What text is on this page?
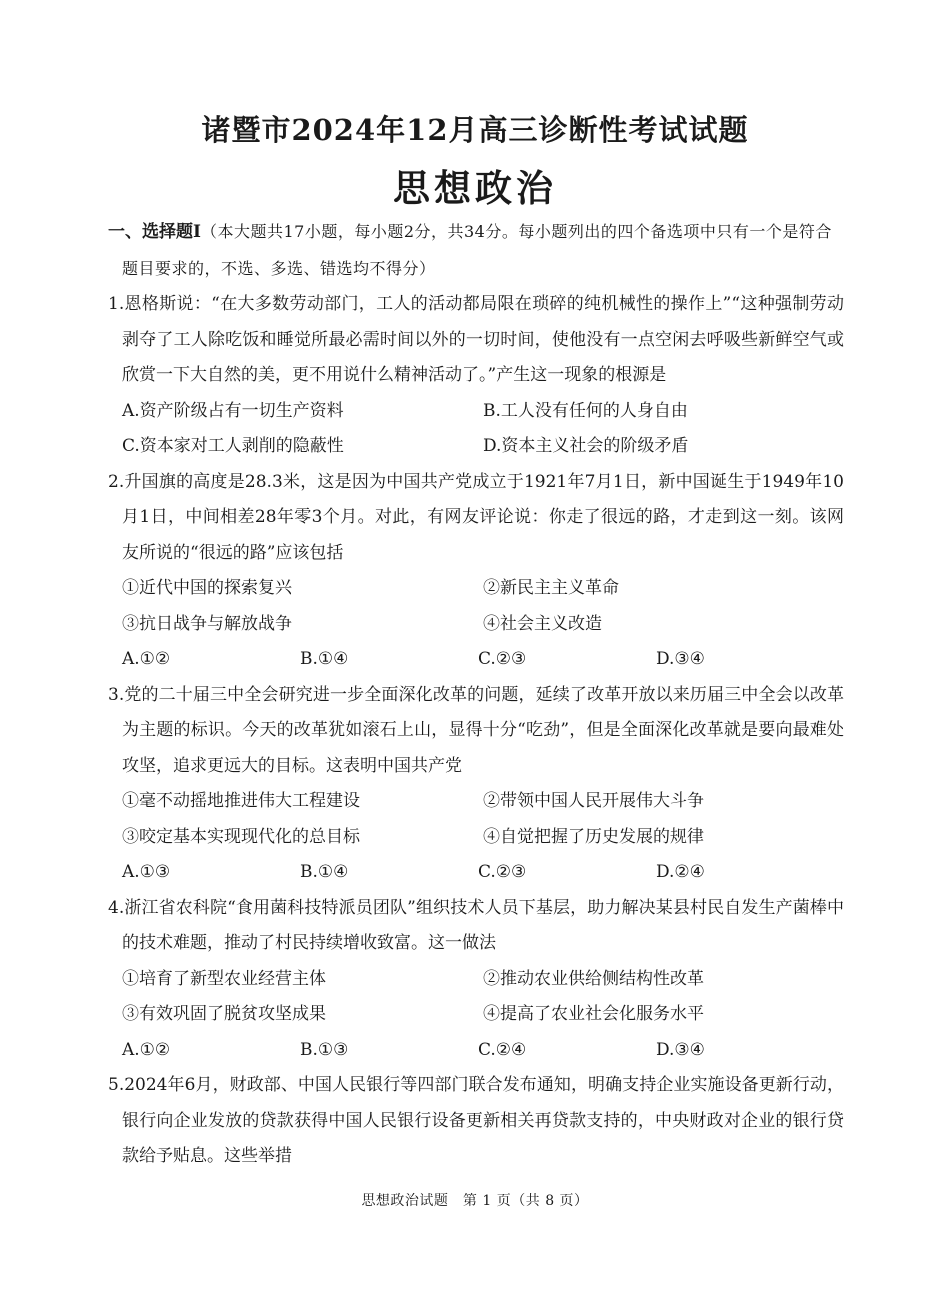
诸暨市2024年12月高三诊断性考试试题
思想政治

一、选择题Ⅰ（本大题共17小题，每小题2分，共34分。每小题列出的四个备选项中只有一个是符合题目要求的，不选、多选、错选均不得分）

1.恩格斯说：“在大多数劳动部门，工人的活动都局限在琐碎的纯机械性的操作上”“这种强制劳动剥夺了工人除吃饭和睡觉所最必需时间以外的一切时间，使他没有一点空闲去呼吸些新鲜空气或欣赏一下大自然的美，更不用说什么精神活动了。”产生这一现象的根源是

A.资产阶级占有一切生产资料	B.工人没有任何的人身自由
C.资本家对工人剥削的隐蔽性	D.资本主义社会的阶级矛盾

2.升国旗的高度是28.3米，这是因为中国共产党成立于1921年7月1日，新中国诞生于1949年10月1日，中间相差28年零3个月。对此，有网友评论说：你走了很远的路，才走到这一刻。该网友所说的“很远的路”应该包括

①近代中国的探索复兴	②新民主主义革命
③抗日战争与解放战争	④社会主义改造
A.①②	B.①④	C.②③	D.③④

3.党的二十届三中全会研究进一步全面深化改革的问题，延续了改革开放以来历届三中全会以改革为主题的标识。今天的改革犹如滚石上山，显得十分“吃劲”，但是全面深化改革就是要向最难处攻坚，追求更远大的目标。这表明中国共产党

①毫不动摇地推进伟大工程建设	②带领中国人民开展伟大斗争
③咬定基本实现现代化的总目标	④自觉把握了历史发展的规律
A.①③	B.①④	C.②③	D.②④

4.浙江省农科院“食用菌科技特派员团队”组织技术人员下基层，助力解决某县村民自发生产菌棒中的技术难题，推动了村民持续增收致富。这一做法

①培育了新型农业经营主体	②推动农业供给侧结构性改革
③有效巩固了脱贫攻坚成果	④提高了农业社会化服务水平
A.①②	B.①③	C.②④	D.③④

5.2024年6月，财政部、中国人民银行等四部门联合发布通知，明确支持企业实施设备更新行动，银行向企业发放的贷款获得中国人民银行设备更新相关再贷款支持的，中央财政对企业的银行贷款给予贴息。这些举措

思想政治试题　第 1 页（共 8 页）
